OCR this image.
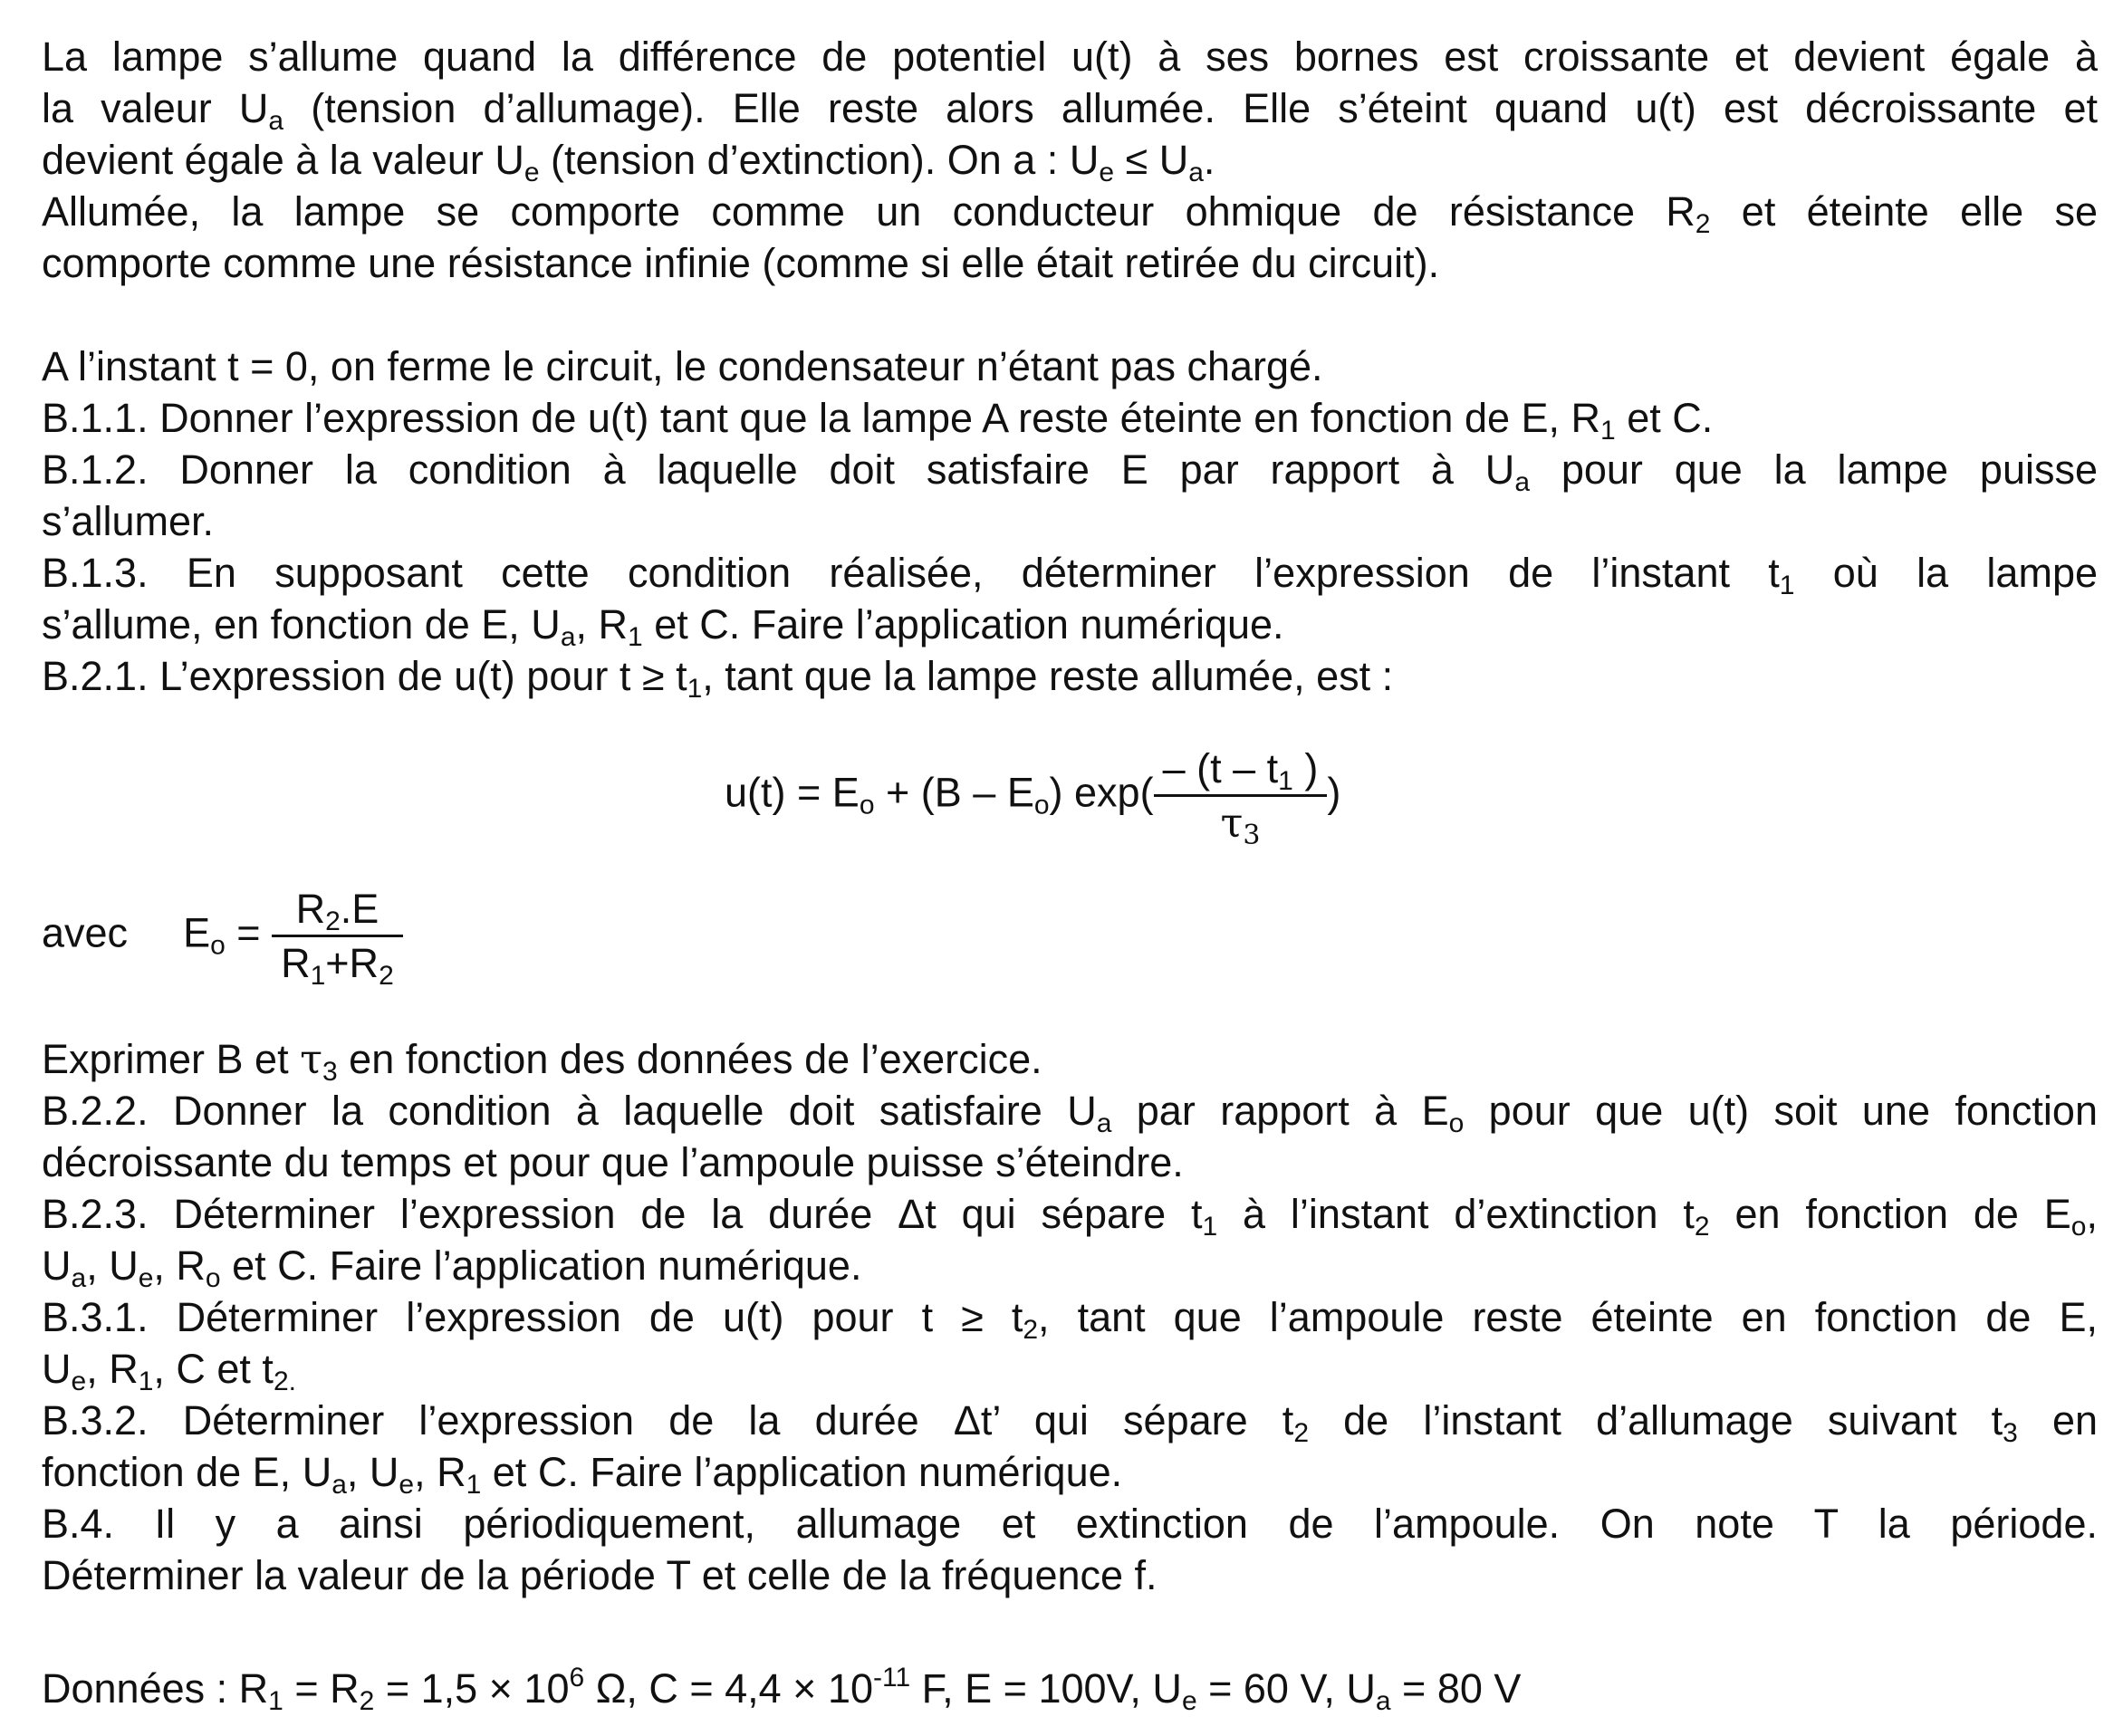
La lampe s’allume quand la différence de potentiel u(t) à ses bornes est croissante et devient égale à
la valeur $U_a$ (tension d’allumage). Elle reste alors allumée. Elle s’éteint quand u(t) est décroissante et
devient égale à la valeur $U_e$ (tension d’extinction). On a : $U_e \le U_a$.
Allumée, la lampe se comporte comme un conducteur ohmique de résistance $R_2$ et éteinte elle se
comporte comme une résistance infinie (comme si elle était retirée du circuit).
A l’instant t = 0, on ferme le circuit, le condensateur n’étant pas chargé.
B.1.1. Donner l’expression de u(t) tant que la lampe A reste éteinte en fonction de E, $R_1$ et C.
B.1.2. Donner la condition à laquelle doit satisfaire E par rapport à $U_a$ pour que la lampe puisse
s’allumer.
B.1.3. En supposant cette condition réalisée, déterminer l’expression de l’instant $t_1$ où la lampe
s’allume, en fonction de E, $U_a$, $R_1$ et C. Faire l’application numérique.
B.2.1. L’expression de u(t) pour $t \ge t_1$, tant que la lampe reste allumée, est :
$u(t) = E_o + (B - E_o)$ $\exp( \frac{- (t - t_1 )}{\tau_3}$ )
avec $E_o = \frac{R_2.E}{R_1+R_2}$
Exprimer B et $\tau_3$ en fonction des données de l’exercice.
B.2.2. Donner la condition à laquelle doit satisfaire $U_a$ par rapport à $E_o$ pour que u(t) soit une fonction
décroissante du temps et pour que l’ampoule puisse s’éteindre.
B.2.3. Déterminer l’expression de la durée Δt qui sépare $t_1$ à l’instant d’extinction $t_2$ en fonction de $E_o$,
$U_a$, $U_e$, $R_o$ et C. Faire l’application numérique.
B.3.1. Déterminer l’expression de u(t) pour $t \ge t_2$, tant que l’ampoule reste éteinte en fonction de E,
$U_e$, $R_1$, C et $t_{2.}$
B.3.2. Déterminer l’expression de la durée Δt’ qui sépare $t_2$ de l’instant d’allumage suivant $t_3$ en
fonction de E, $U_a$, $U_e$, $R_1$ et C. Faire l’application numérique.
B.4. Il y a ainsi périodiquement, allumage et extinction de l’ampoule. On note T la période.
Déterminer la valeur de la période T et celle de la fréquence f.
Données : $R_1 = R_2 = 1,5 \times 10^6$ Ω, $C = 4,4 \times 10^{-11}$ F, E = 100V, $U_e = 60$ V, $U_a = 80$ V
